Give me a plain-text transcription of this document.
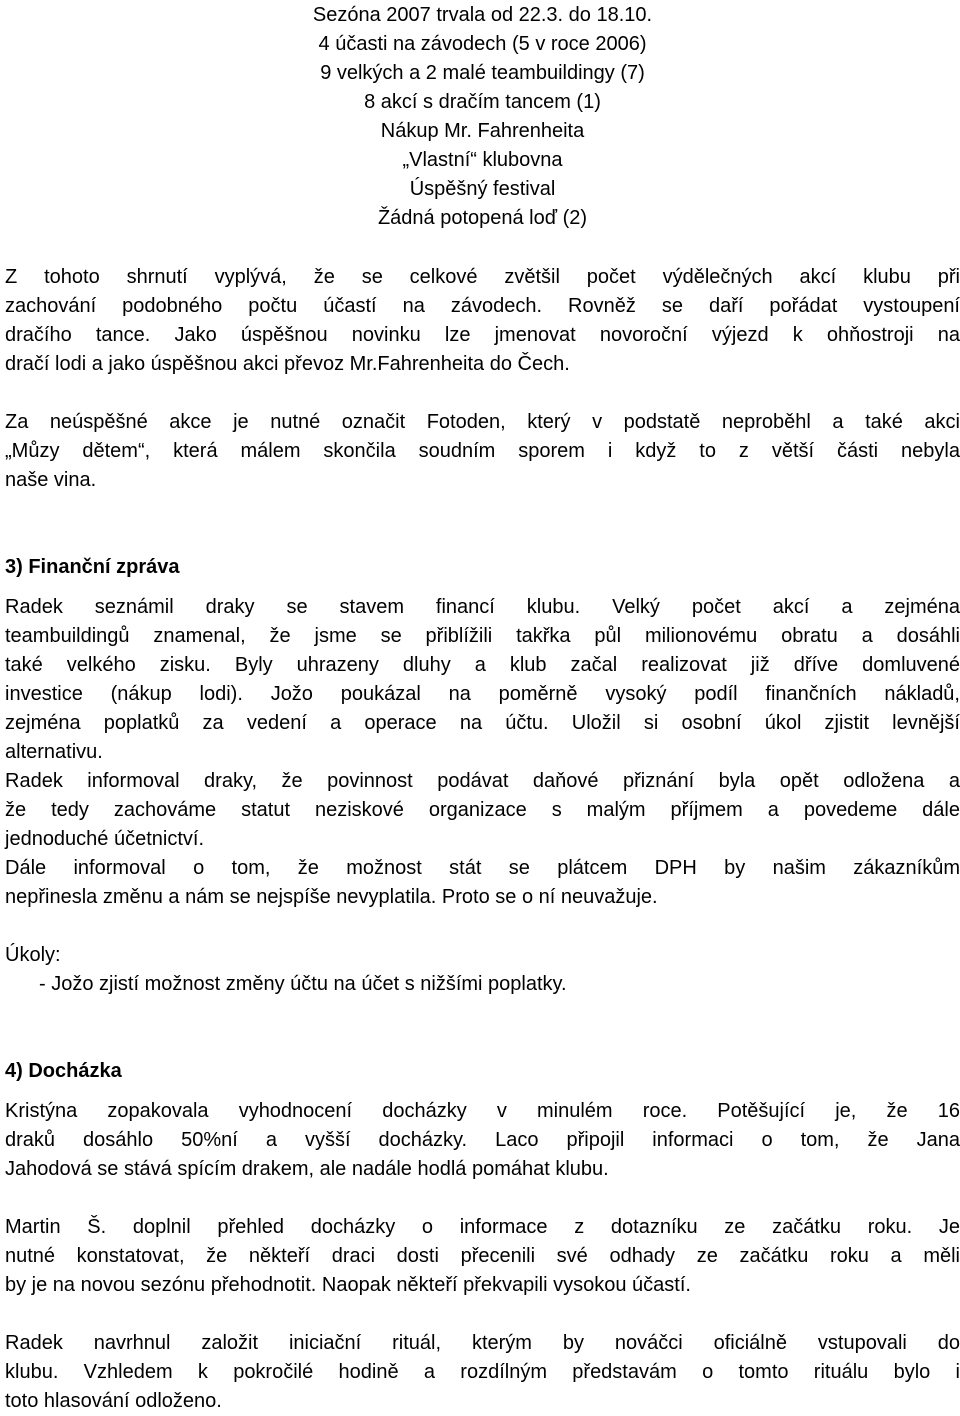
Sezóna 2007 trvala od 22.3. do 18.10.
4 účasti na závodech (5 v roce 2006)
9 velkých a 2 malé teambuildingy (7)
8 akcí s dračím tancem (1)
Nákup Mr. Fahrenheita
„Vlastní“ klubovna
Úspěšný festival
Žádná potopená loď (2)

Z tohoto shrnutí vyplývá, že se celkové zvětšil počet výdělečných akcí klubu při
zachování podobného počtu účastí na závodech. Rovněž se daří pořádat vystoupení
dračího tance. Jako úspěšnou novinku lze jmenovat novoroční výjezd k ohňostroji na
dračí lodi a jako úspěšnou akci převoz Mr.Fahrenheita do Čech.

Za neúspěšné akce je nutné označit Fotoden, který v podstatě neproběhl a také akci
„Můzy dětem“, která málem skončila soudním sporem i když to z větší části nebyla
naše vina.

3) Finanční zpráva

Radek seznámil draky se stavem financí klubu. Velký počet akcí a zejména
teambuildingů znamenal, že jsme se přiblížili takřka půl milionovému obratu a dosáhli
také velkého zisku. Byly uhrazeny dluhy a klub začal realizovat již dříve domluvené
investice (nákup lodi). Jožo poukázal na poměrně vysoký podíl finančních nákladů,
zejména poplatků za vedení a operace na účtu. Uložil si osobní úkol zjistit levnější
alternativu.

Radek informoval draky, že povinnost podávat daňové přiznání byla opět odložena a
že tedy zachováme statut neziskové organizace s malým příjmem a povedeme dále
jednoduché účetnictví.

Dále informoval o tom, že možnost stát se plátcem DPH by našim zákazníkům
nepřinesla změnu a nám se nejspíše nevyplatila. Proto se o ní neuvažuje.

Úkoly:

- Jožo zjistí možnost změny účtu na účet s nižšími poplatky.

4) Docházka

Kristýna zopakovala vyhodnocení docházky v minulém roce. Potěšující je, že 16
draků dosáhlo 50%ní a vyšší docházky. Laco připojil informaci o tom, že Jana
Jahodová se stává spícím drakem, ale nadále hodlá pomáhat klubu.

Martin Š. doplnil přehled docházky o informace z dotazníku ze začátku roku. Je
nutné konstatovat, že někteří draci dosti přecenili své odhady ze začátku roku a měli
by je na novou sezónu přehodnotit. Naopak někteří překvapili vysokou účastí.

Radek navrhnul založit iniciační rituál, kterým by nováčci oficiálně vstupovali do
klubu. Vzhledem k pokročilé hodině a rozdílným představám o tomto rituálu bylo i
toto hlasování odloženo.
